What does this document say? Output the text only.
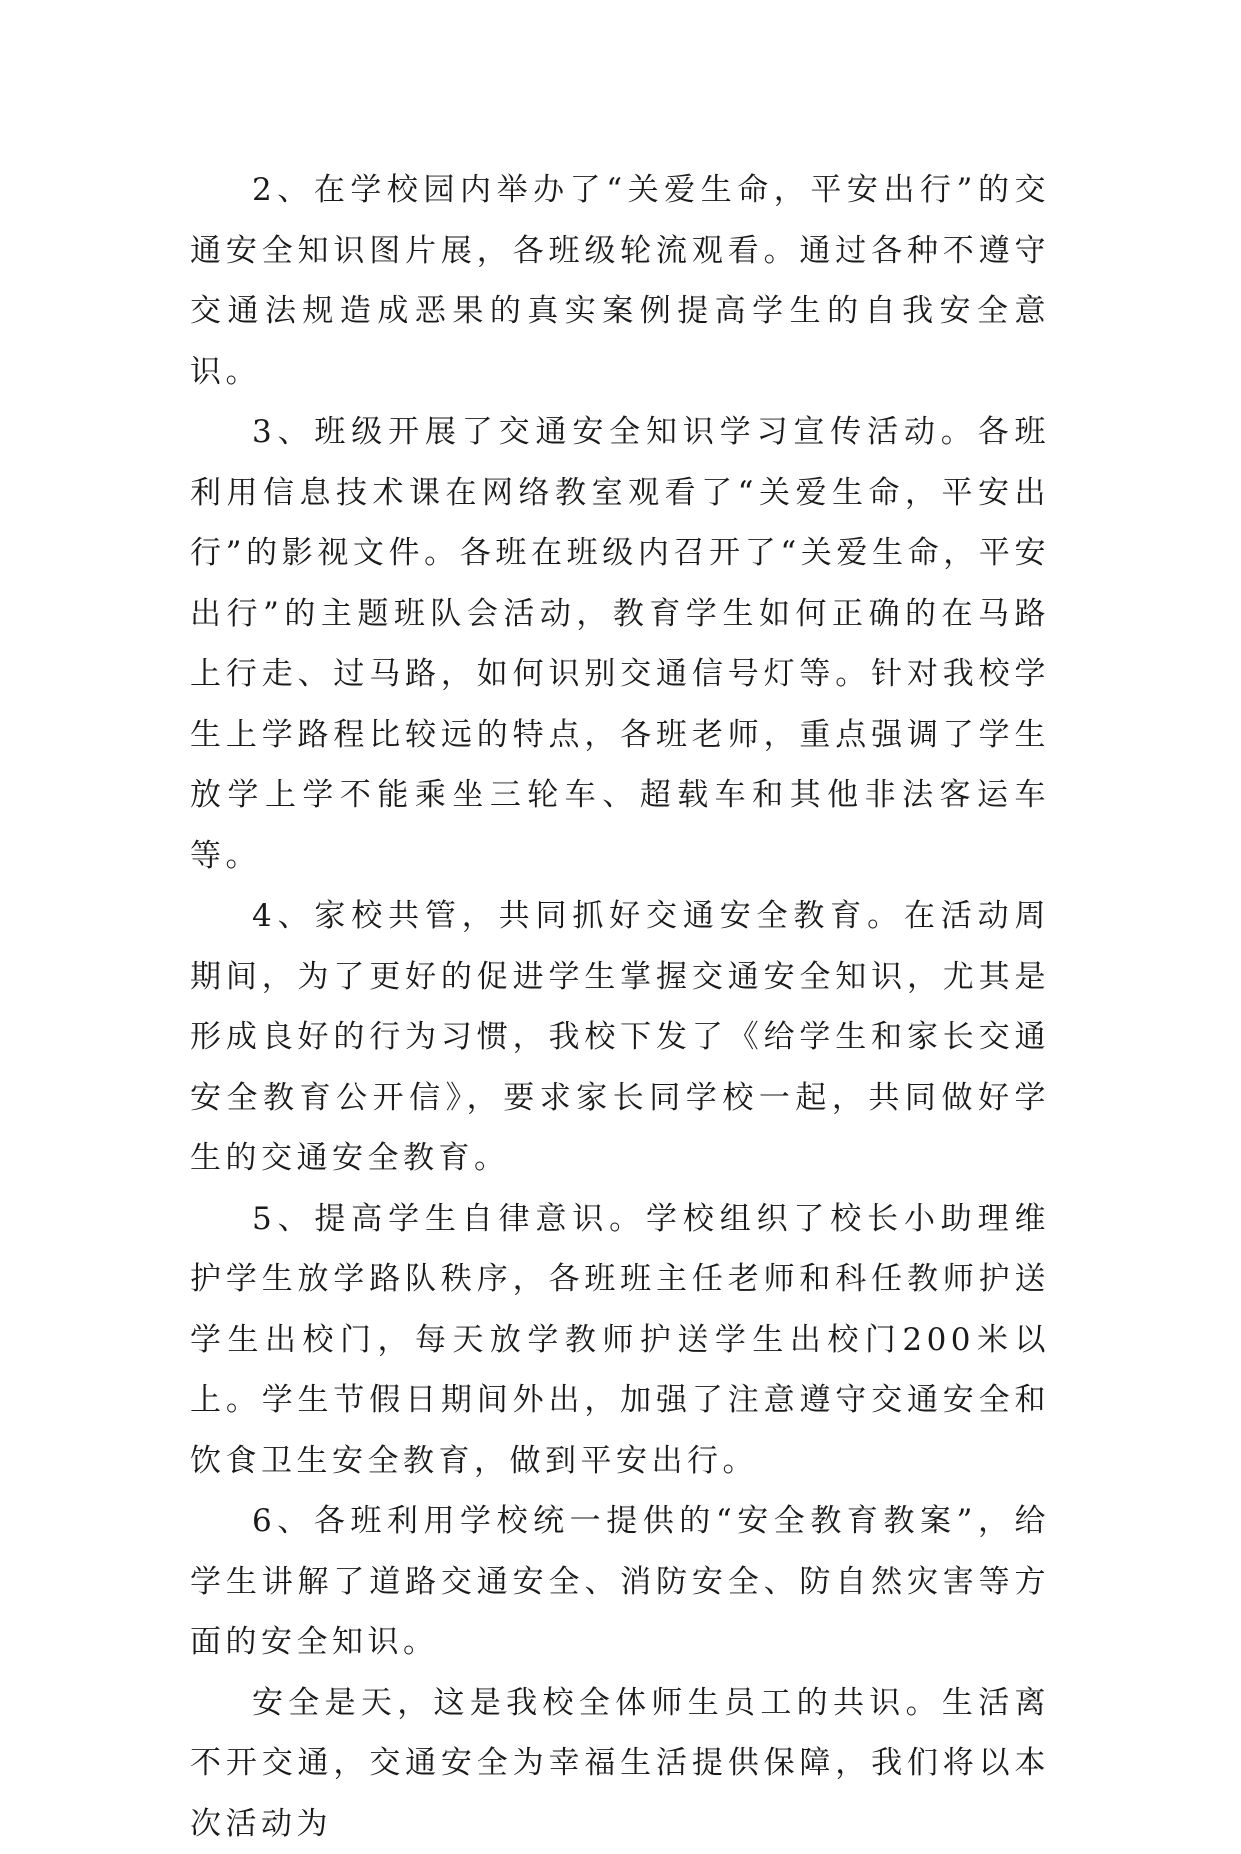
2、在学校园内举办了“关爱生命，平安出行”的交通安全知识图片展，各班级轮流观看。通过各种不遵守交通法规造成恶果的真实案例提高学生的自我安全意识。

3、班级开展了交通安全知识学习宣传活动。各班利用信息技术课在网络教室观看了“关爱生命，平安出行”的影视文件。各班在班级内召开了“关爱生命，平安出行”的主题班队会活动，教育学生如何正确的在马路上行走、过马路，如何识别交通信号灯等。针对我校学生上学路程比较远的特点，各班老师，重点强调了学生放学上学不能乘坐三轮车、超载车和其他非法客运车等。

4、家校共管，共同抓好交通安全教育。在活动周期间，为了更好的促进学生掌握交通安全知识，尤其是形成良好的行为习惯，我校下发了《给学生和家长交通安全教育公开信》，要求家长同学校一起，共同做好学生的交通安全教育。

5、提高学生自律意识。学校组织了校长小助理维护学生放学路队秩序，各班班主任老师和科任教师护送学生出校门，每天放学教师护送学生出校门200米以上。学生节假日期间外出，加强了注意遵守交通安全和饮食卫生安全教育，做到平安出行。

6、各班利用学校统一提供的“安全教育教案”，给学生讲解了道路交通安全、消防安全、防自然灾害等方面的安全知识。

安全是天，这是我校全体师生员工的共识。生活离不开交通，交通安全为幸福生活提供保障，我们将以本次活动为
